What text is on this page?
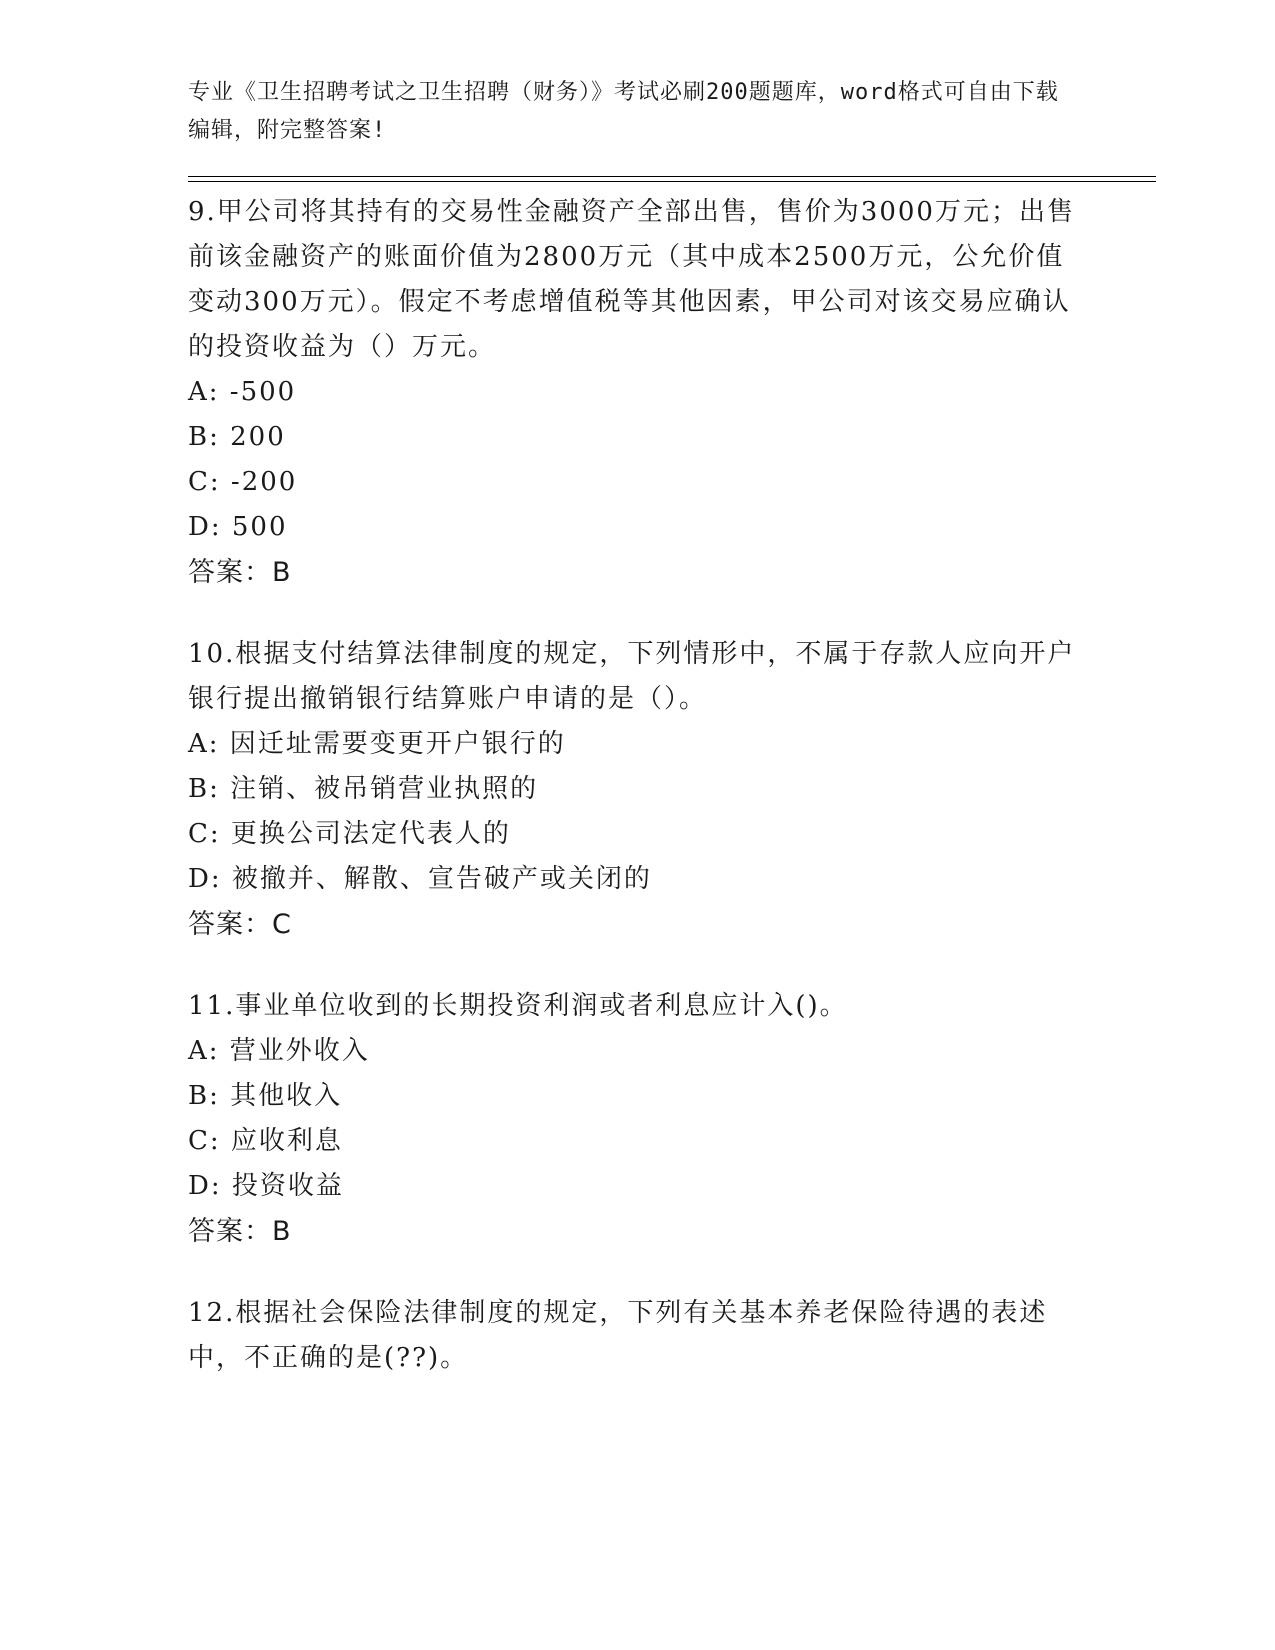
专业《卫生招聘考试之卫生招聘（财务）》考试必刷200题题库，word格式可自由下载编辑，附完整答案!

9.甲公司将其持有的交易性金融资产全部出售，售价为3000万元；出售前该金融资产的账面价值为2800万元（其中成本2500万元，公允价值变动300万元）。假定不考虑增值税等其他因素，甲公司对该交易应确认的投资收益为（）万元。

A: -500

B: 200

C: -200

D: 500

答案：B

10.根据支付结算法律制度的规定，下列情形中，不属于存款人应向开户银行提出撤销银行结算账户申请的是（）。

A: 因迁址需要变更开户银行的

B: 注销、被吊销营业执照的

C: 更换公司法定代表人的

D: 被撤并、解散、宣告破产或关闭的

答案：C

11.事业单位收到的长期投资利润或者利息应计入()。

A: 营业外收入

B: 其他收入

C: 应收利息

D: 投资收益

答案：B

12.根据社会保险法律制度的规定，下列有关基本养老保险待遇的表述中，不正确的是(??)。
